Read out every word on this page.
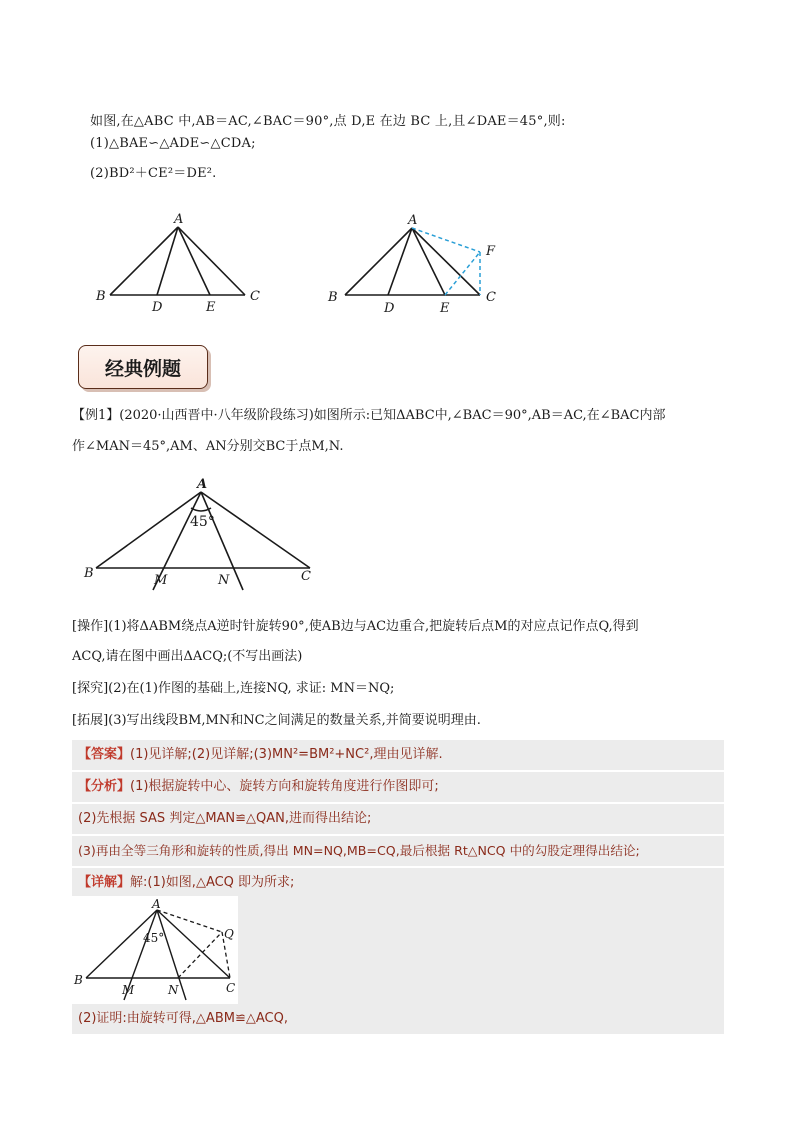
如图,在△ABC 中,AB＝AC,∠BAC＝90°,点 D,E 在边 BC 上,且∠DAE＝45°,则:
(1)△BAE∽△ADE∽△CDA;
(2)BD²＋CE²＝DE².
A
B	C
D	E
A
B	C
D	E
F
经典例题
【例1】(2020·山西晋中·八年级阶段练习)如图所示:已知ΔABC中,∠BAC＝90°,AB＝AC,在∠BAC内部
作∠MAN＝45°,AM、AN分别交BC于点M,N.
A
B	C
M	N
45°
[操作](1)将ΔABM绕点A逆时针旋转90°,使AB边与AC边重合,把旋转后点M的对应点记作点Q,得到
ACQ,请在图中画出ΔACQ;(不写出画法)
[探究](2)在(1)作图的基础上,连接NQ, 求证: MN＝NQ;
[拓展](3)写出线段BM,MN和NC之间满足的数量关系,并简要说明理由.
【答案】(1)见详解;(2)见详解;(3)MN²=BM²+NC²,理由见详解.
【分析】(1)根据旋转中心、旋转方向和旋转角度进行作图即可;
(2)先根据 SAS 判定△MAN≌△QAN,进而得出结论;
(3)再由全等三角形和旋转的性质,得出 MN=NQ,MB=CQ,最后根据 Rt△NCQ 中的勾股定理得出结论;
【详解】解:(1)如图,△ACQ 即为所求;
A
B
C
M	N
Q
45°
(2)证明:由旋转可得,△ABM≌△ACQ,
